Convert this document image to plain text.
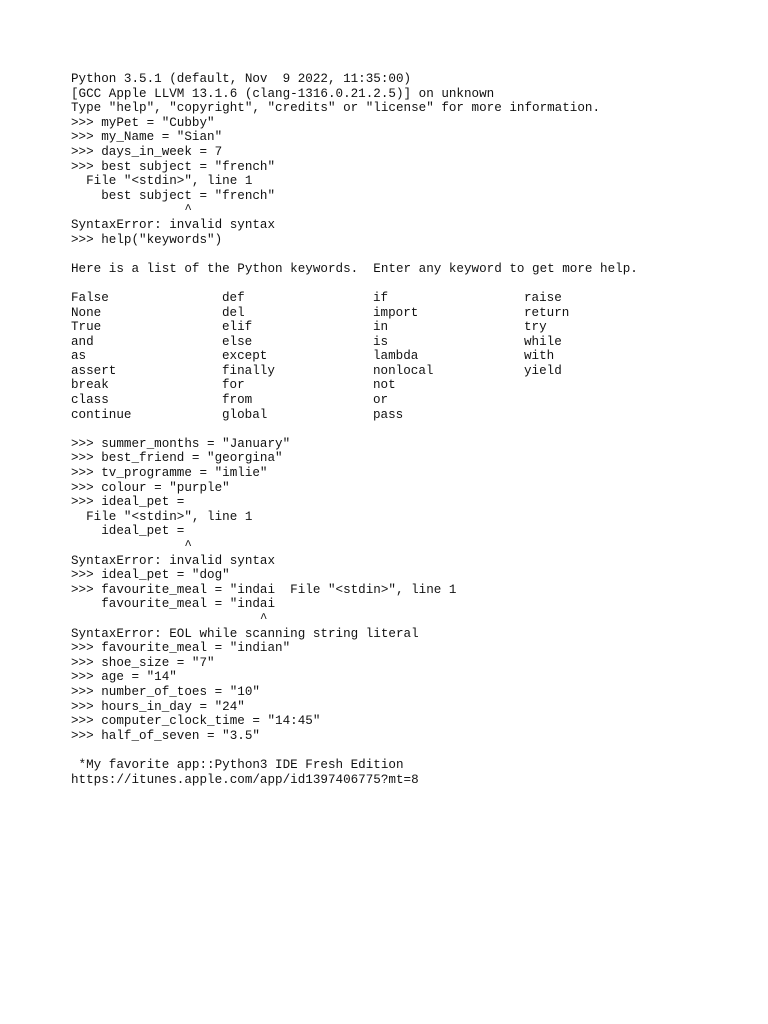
Python 3.5.1 (default, Nov  9 2022, 11:35:00)
[GCC Apple LLVM 13.1.6 (clang-1316.0.21.2.5)] on unknown
Type "help", "copyright", "credits" or "license" for more information.
>>> myPet = "Cubby"
>>> my_Name = "Sian"
>>> days_in_week = 7
>>> best subject = "french"
File "<stdin>", line 1
best subject = "french"
^
SyntaxError: invalid syntax
>>> help("keywords")
Here is a list of the Python keywords.  Enter any keyword to get more help.
False	def	if	raise
None	del	import	return
True	elif	in	try
and	else	is	while
as	except	lambda	with
assert	finally	nonlocal	yield
break	for	not
class	from	or
continue	global	pass
>>> summer_months = "January"
>>> best_friend = "georgina"
>>> tv_programme = "imlie"
>>> colour = "purple"
>>> ideal_pet =
File "<stdin>", line 1
ideal_pet =
^
SyntaxError: invalid syntax
>>> ideal_pet = "dog"
>>> favourite_meal = "indai  File "<stdin>", line 1
favourite_meal = "indai
^
SyntaxError: EOL while scanning string literal
>>> favourite_meal = "indian"
>>> shoe_size = "7"
>>> age = "14"
>>> number_of_toes = "10"
>>> hours_in_day = "24"
>>> computer_clock_time = "14:45"
>>> half_of_seven = "3.5"
*My favorite app::Python3 IDE Fresh Edition
https://itunes.apple.com/app/id1397406775?mt=8
